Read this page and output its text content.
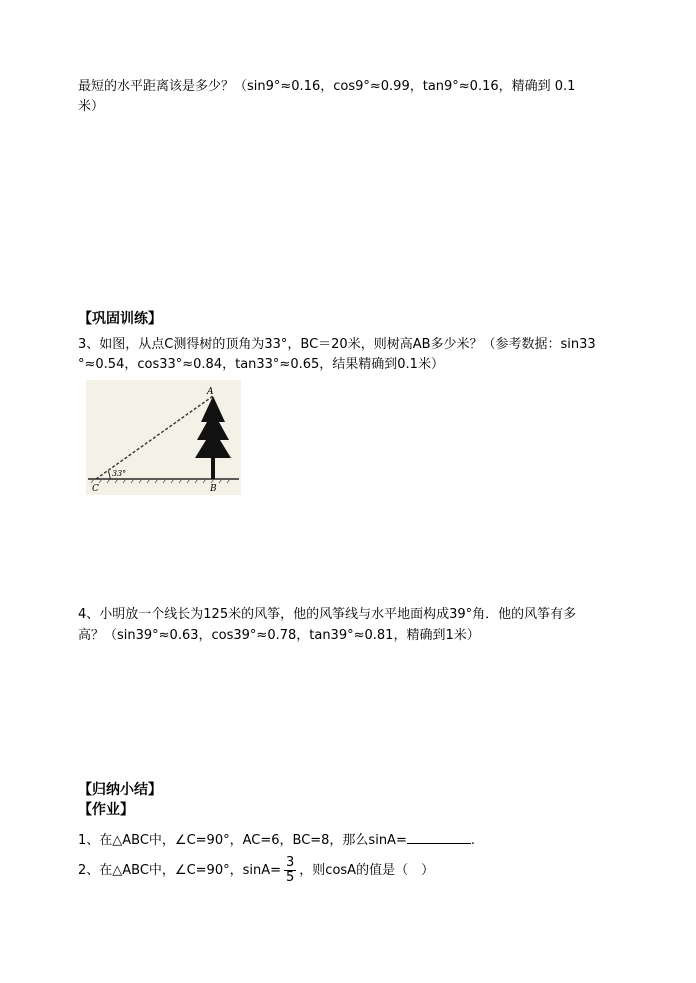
最短的水平距离该是多少？（sin9°≈0.16，cos9°≈0.99，tan9°≈0.16，精确到 0.1
米）
【巩固训练】
3、如图，从点C测得树的顶角为33°，BC＝20米，则树高AB多少米？（参考数据：sin33
°≈0.54，cos33°≈0.84，tan33°≈0.65，结果精确到0.1米）
33°
A
B
C
4、小明放一个线长为125米的风筝，他的风筝线与水平地面构成39°角．他的风筝有多
高？（sin39°≈0.63，cos39°≈0.78，tan39°≈0.81，精确到1米）
【归纳小结】
【作业】
1、在△ABC中，∠C=90°，AC=6，BC=8，那么sinA=	.
2、在△ABC中，∠C=90°，$\sin A= \frac{3}{5}$ ，则cosA的值是（　）
